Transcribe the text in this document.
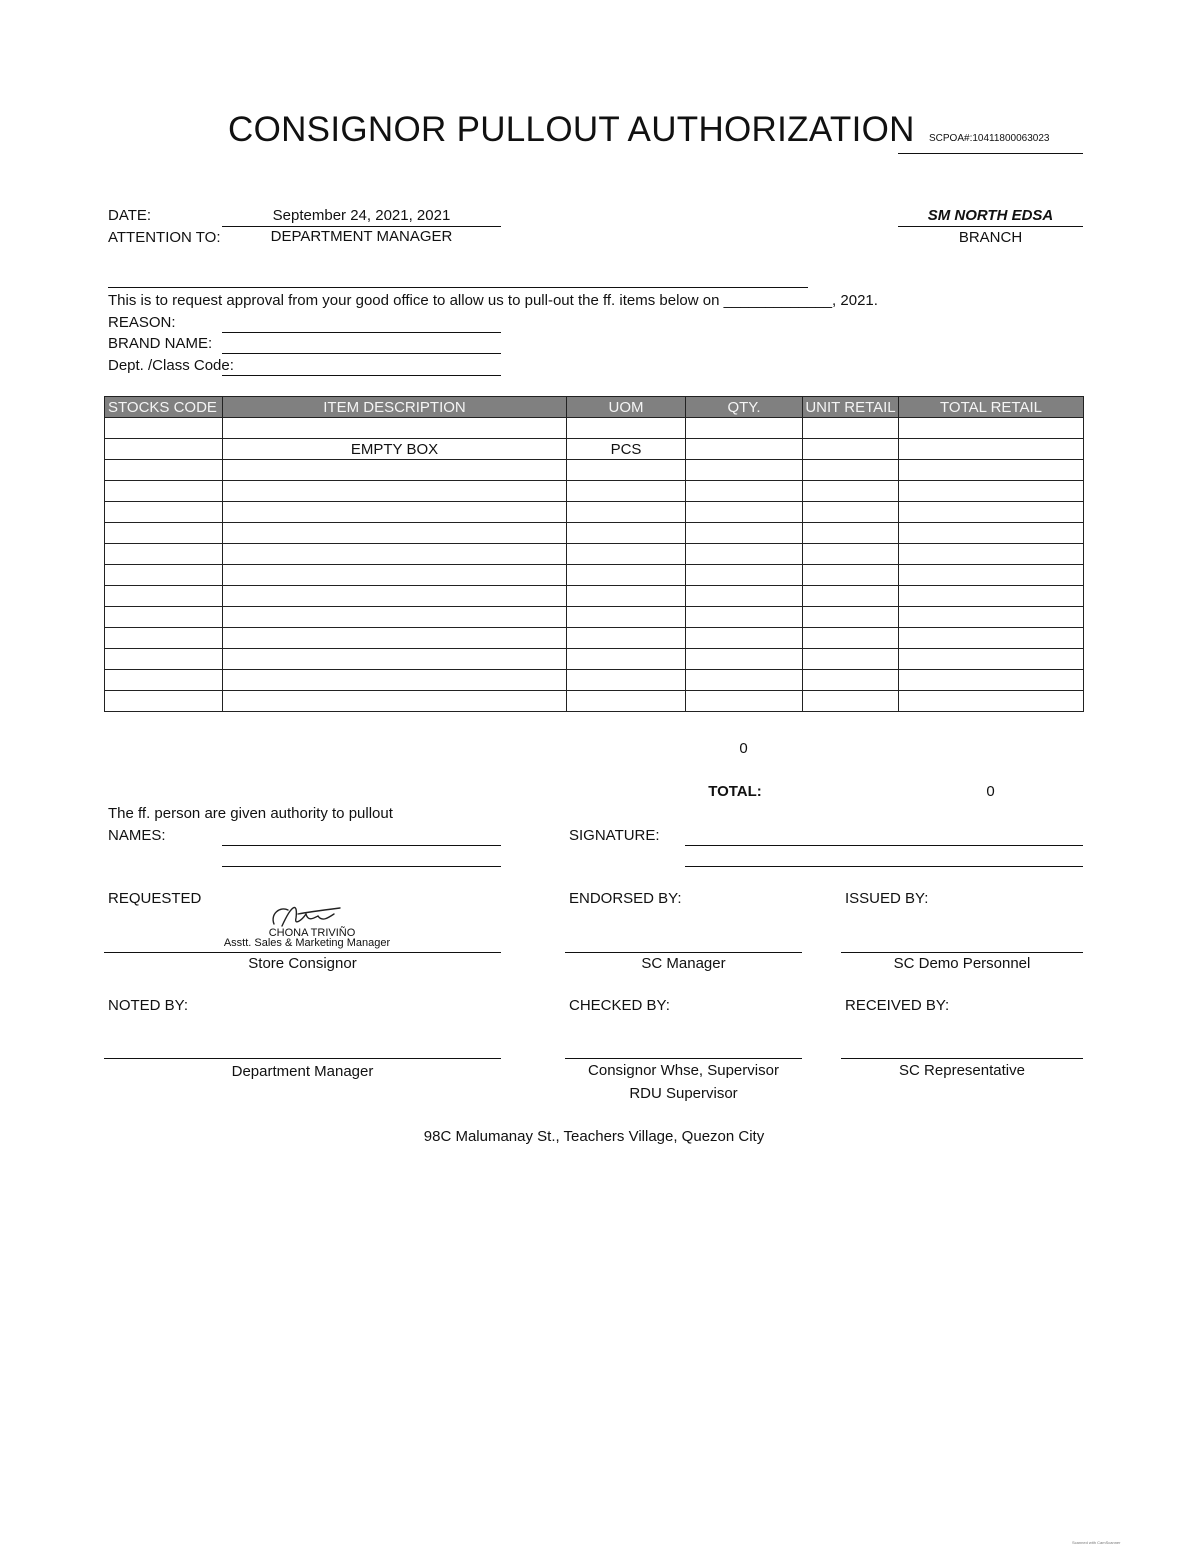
CONSIGNOR PULLOUT AUTHORIZATION SCPOA#:10411800063023
DATE:	September 24, 2021, 2021
ATTENTION TO:	DEPARTMENT MANAGER
SM NORTH EDSA
BRANCH
This is to request approval from your good office to allow us to pull-out the ff. items below on _____________, 2021.
REASON:
BRAND NAME:
Dept. /Class Code:
STOCKS CODE	ITEM DESCRIPTION	UOM	QTY.	UNIT RETAIL	TOTAL RETAIL

	EMPTY BOX	PCS			

0
TOTAL:	0
The ff. person are given authority to pullout
NAMES:	SIGNATURE:
REQUESTED	ENDORSED BY:	ISSUED BY:
CHONA TRIVIÑO
Asstt. Sales & Marketing Manager
Store Consignor	SC Manager	SC Demo Personnel
NOTED BY:	CHECKED BY:	RECEIVED BY:
Department Manager	Consignor Whse, Supervisor
RDU Supervisor
SC Representative
98C Malumanay St., Teachers Village, Quezon City
Scanned with CamScanner
